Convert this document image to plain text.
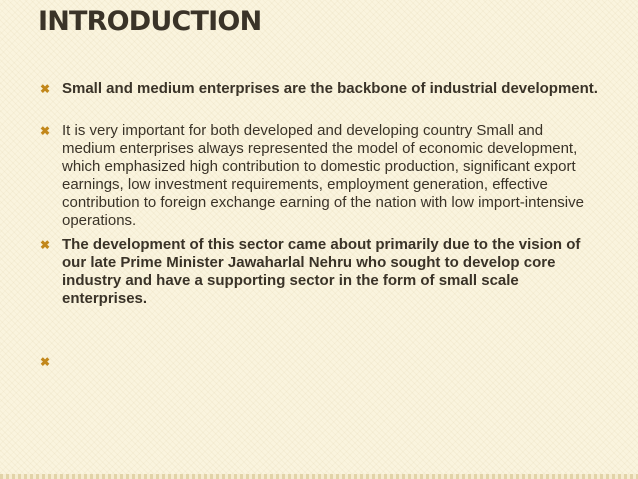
INTRODUCTION
✖ Small and medium enterprises are the backbone of industrial development.
✖ It is very important for both developed and developing country Small and medium enterprises always represented the model of economic development, which emphasized high contribution to domestic production, significant export earnings, low investment requirements, employment generation, effective contribution to foreign exchange earning of the nation with low import-intensive operations.
✖ The development of this sector came about primarily due to the vision of our late Prime Minister Jawaharlal Nehru who sought to develop core industry and have a supporting sector in the form of small scale enterprises.
✖
